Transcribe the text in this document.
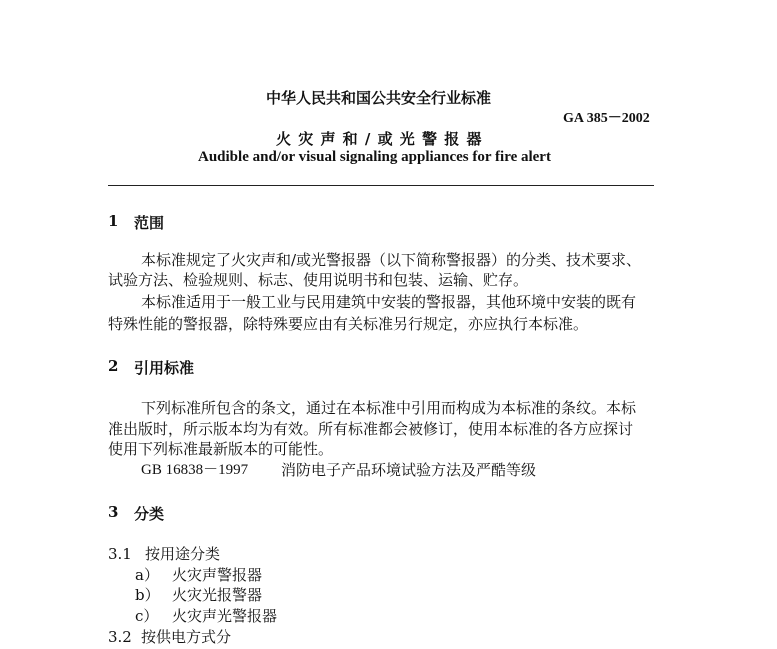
中华人民共和国公共安全行业标准
GA 385－2002
火 灾 声 和 / 或 光 警 报 器
Audible and/or visual signaling appliances for fire alert
1 范围
本标准规定了火灾声和/或光警报器（以下简称警报器）的分类、技术要求、
试验方法、检验规则、标志、使用说明书和包装、运输、贮存。
本标准适用于一般工业与民用建筑中安装的警报器，其他环境中安装的既有
特殊性能的警报器，除特殊要应由有关标准另行规定，亦应执行本标准。
2 引用标准
下列标准所包含的条文，通过在本标准中引用而构成为本标准的条纹。本标
准出版时，所示版本均为有效。所有标准都会被修订，使用本标准的各方应探讨
使用下列标准最新版本的可能性。
GB 16838－1997 消防电子产品环境试验方法及严酷等级
3 分类
3.1 按用途分类
a） 火灾声警报器
b） 火灾光报警器
c） 火灾声光警报器
3.2 按供电方式分
